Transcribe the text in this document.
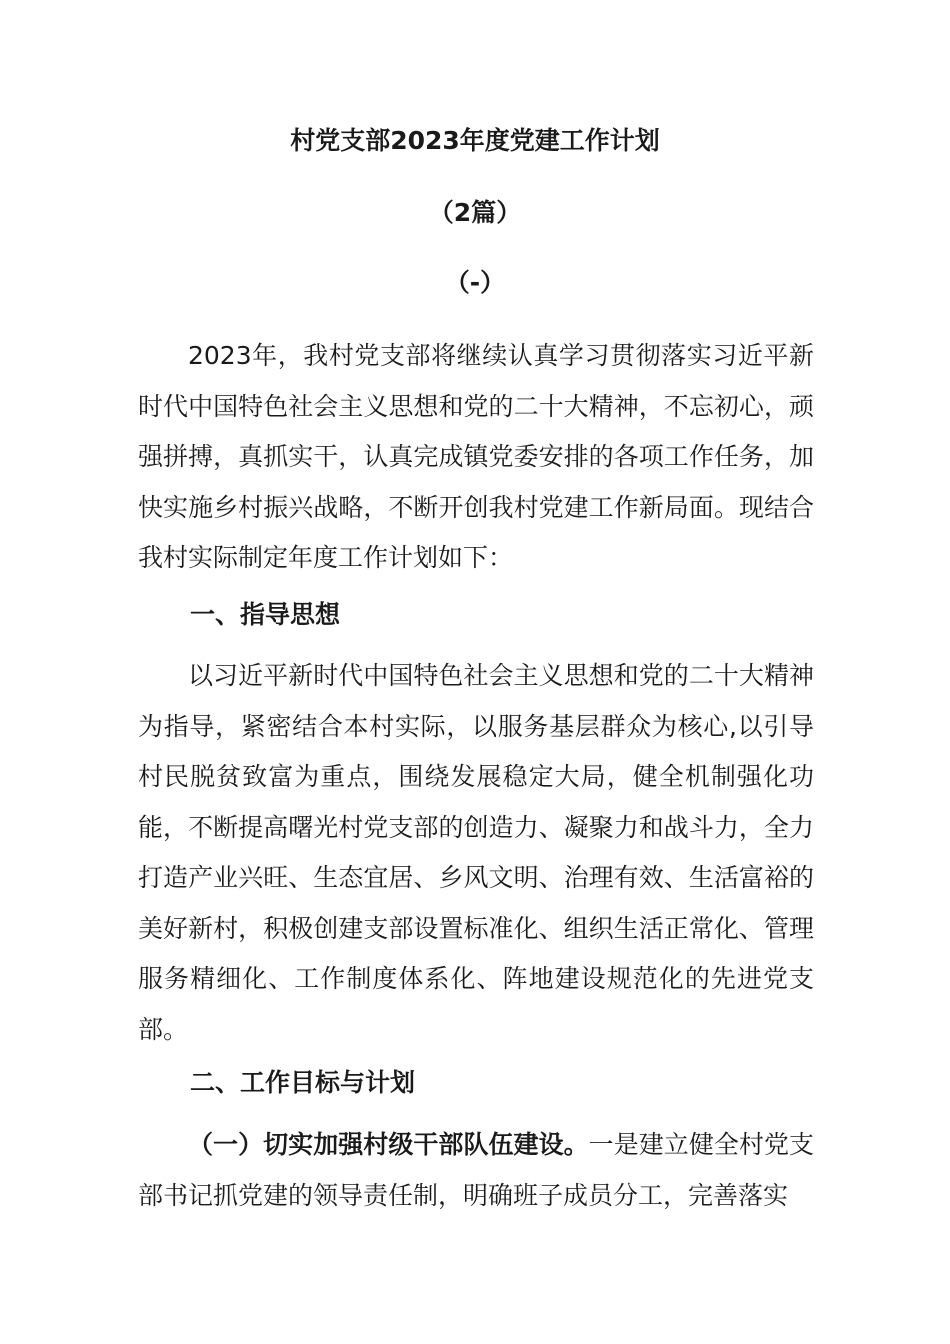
村党支部2023年度党建工作计划
（2篇）
（-）

2023年，我村党支部将继续认真学习贯彻落实习近平新时代中国特色社会主义思想和党的二十大精神，不忘初心，顽强拼搏，真抓实干，认真完成镇党委安排的各项工作任务，加快实施乡村振兴战略，不断开创我村党建工作新局面。现结合我村实际制定年度工作计划如下：

一、指导思想

以习近平新时代中国特色社会主义思想和党的二十大精神为指导，紧密结合本村实际，以服务基层群众为核心,以引导村民脱贫致富为重点，围绕发展稳定大局，健全机制强化功能，不断提高曙光村党支部的创造力、凝聚力和战斗力，全力打造产业兴旺、生态宜居、乡风文明、治理有效、生活富裕的美好新村，积极创建支部设置标准化、组织生活正常化、管理服务精细化、工作制度体系化、阵地建设规范化的先进党支部。

二、工作目标与计划

（一）切实加强村级干部队伍建设。一是建立健全村党支部书记抓党建的领导责任制，明确班子成员分工，完善落实
